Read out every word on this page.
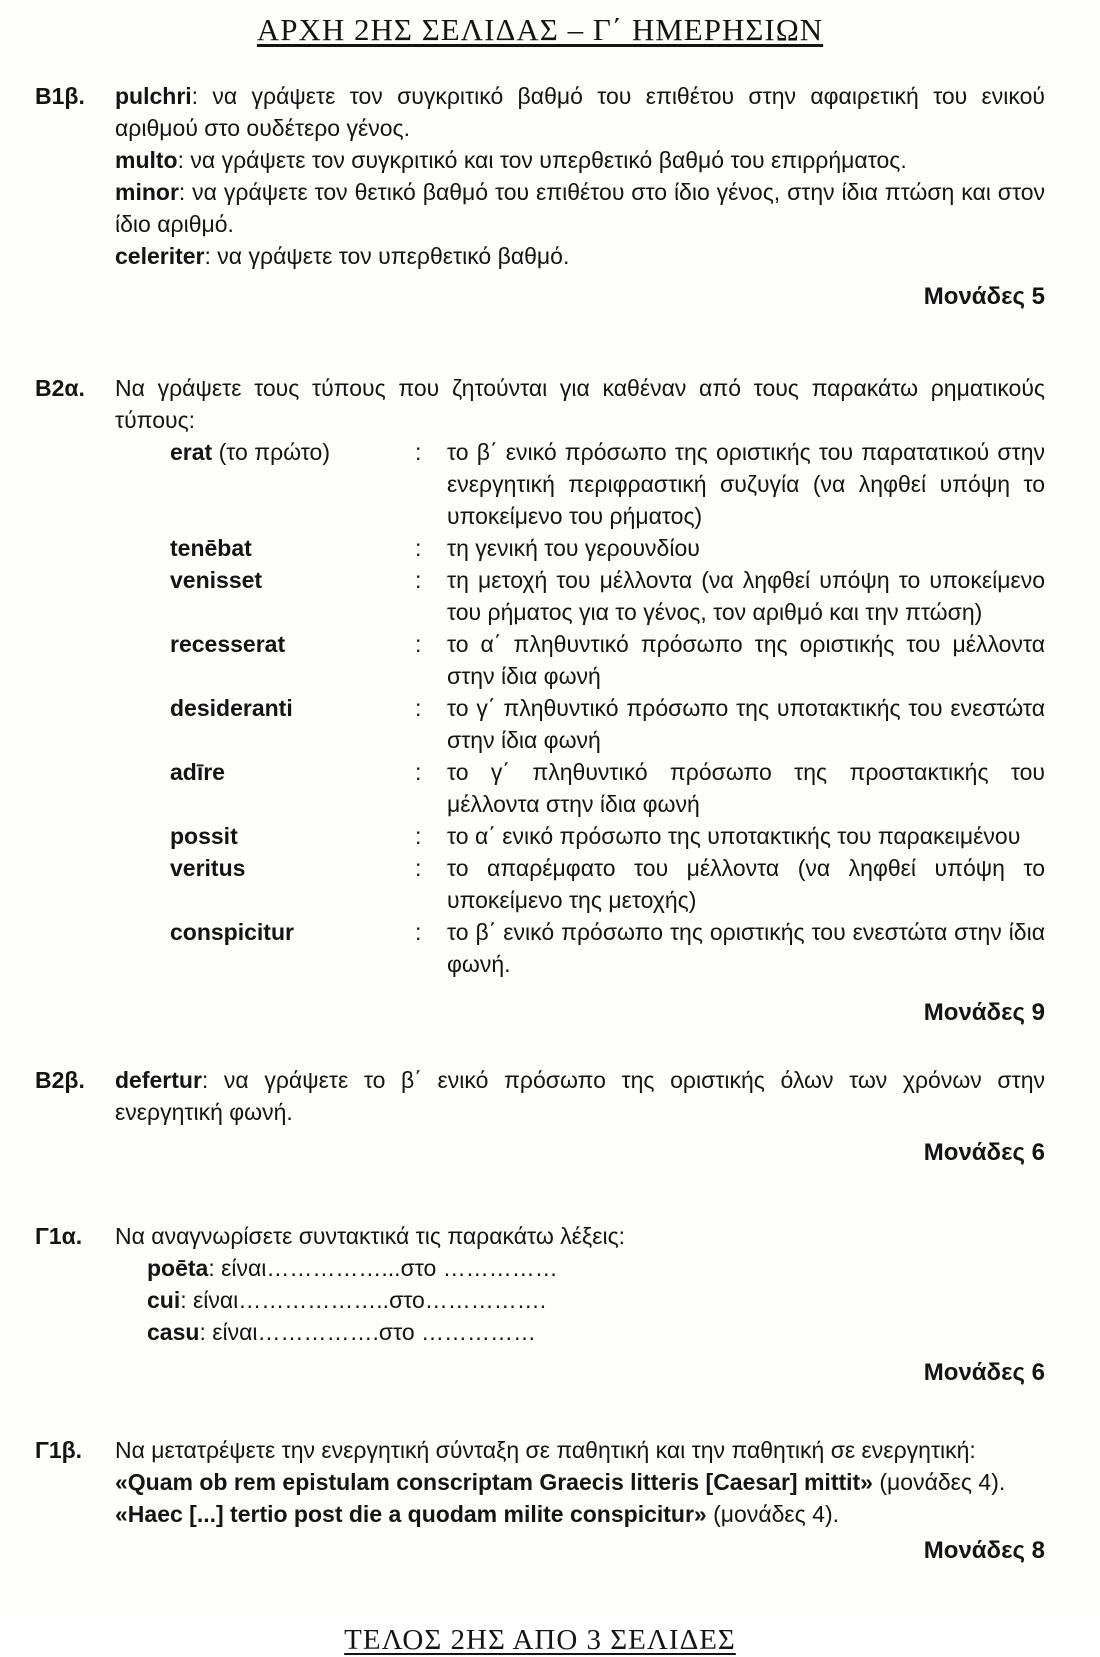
ΑΡΧΗ 2ΗΣ ΣΕΛΙΔΑΣ – Γ΄ ΗΜΕΡΗΣΙΩΝ
Β1β.	pulchri: να γράψετε τον συγκριτικό βαθμό του επιθέτου στην αφαιρετική του ενικού αριθμού στο ουδέτερο γένος.

multo: να γράψετε τον συγκριτικό και τον υπερθετικό βαθμό του επιρρήματος.

minor: να γράψετε τον θετικό βαθμό του επιθέτου στο ίδιο γένος, στην ίδια πτώση και στον ίδιο αριθμό.

celeriter: να γράψετε τον υπερθετικό βαθμό.

Μονάδες 5
Β2α.	Να γράψετε τους τύπους που ζητούνται για καθέναν από τους παρακάτω ρηματικούς τύπους:

erat (το πρώτο)	:	το β΄ ενικό πρόσωπο της οριστικής του παρατατικού στην ενεργητική περιφραστική συζυγία (να ληφθεί υπόψη το υποκείμενο του ρήματος)
tenēbat	:	τη γενική του γερουνδίου
venisset	:	τη μετοχή του μέλλοντα (να ληφθεί υπόψη το υποκείμενο του ρήματος για το γένος, τον αριθμό και την πτώση)
recesserat	:	το α΄ πληθυντικό πρόσωπο της οριστικής του μέλλοντα στην ίδια φωνή
desideranti	:	το γ΄ πληθυντικό πρόσωπο της υποτακτικής του ενεστώτα στην ίδια φωνή
adīre	:	το γ΄ πληθυντικό πρόσωπο της προστακτικής του μέλλοντα στην ίδια φωνή
possit	:	το α΄ ενικό πρόσωπο της υποτακτικής του παρακειμένου
veritus	:	το απαρέμφατο του μέλλοντα (να ληφθεί υπόψη το υποκείμενο της μετοχής)
conspicitur	:	το β΄ ενικό πρόσωπο της οριστικής του ενεστώτα στην ίδια φωνή.
Μονάδες 9
Β2β.	defertur: να γράψετε το β΄ ενικό πρόσωπο της οριστικής όλων των χρόνων στην ενεργητική φωνή.

Μονάδες 6
Γ1α.	Να αναγνωρίσετε συντακτικά τις παρακάτω λέξεις:

poēta: είναι……………...στο ……………

cui: είναι………………..στο…………….

casu: είναι…………….στο ……………

Μονάδες 6
Γ1β.	Να μετατρέψετε την ενεργητική σύνταξη σε παθητική και την παθητική σε ενεργητική:

«Quam ob rem epistulam conscriptam Graecis litteris [Caesar] mittit» (μονάδες 4).

«Haec [...] tertio post die a quodam milite conspicitur» (μονάδες 4).

Μονάδες 8
ΤΕΛΟΣ 2ΗΣ ΑΠΟ 3 ΣΕΛΙΔΕΣ
